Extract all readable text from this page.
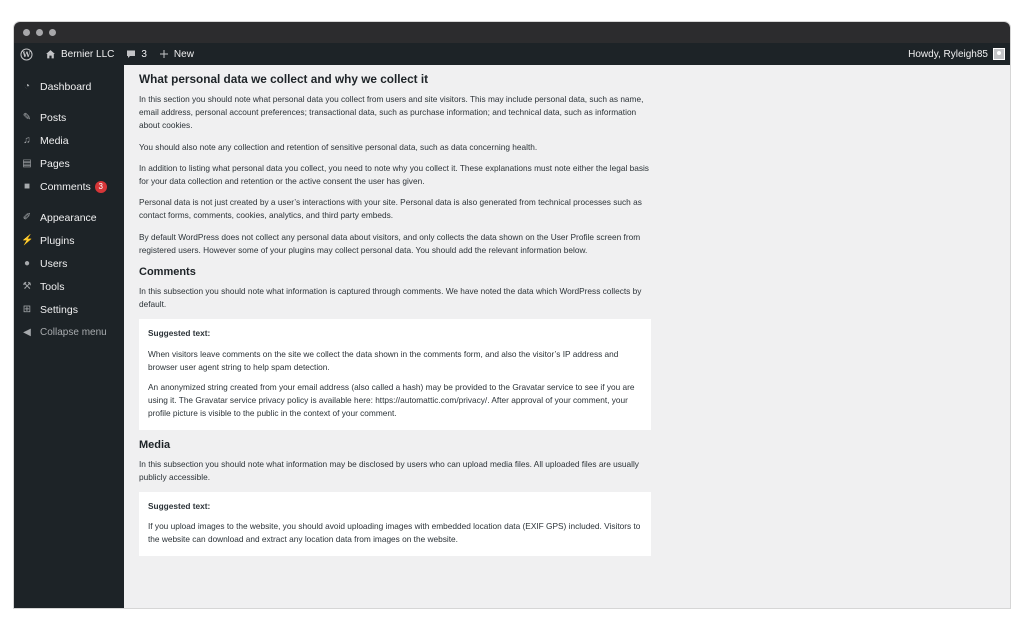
W	Bernier LLC	3	New	Howdy, Ryleigh85
◔ Dashboard
✎ Posts
♫ Media
▤ Pages
■ Comments 3
✐ Appearance
⚡ Plugins
● Users
⚒ Tools
⊞ Settings
◀ Collapse menu
What personal data we collect and why we collect it

In this section you should note what personal data you collect from users and site visitors. This may include personal data, such as name, email address, personal account preferences; transactional data, such as purchase information; and technical data, such as information about cookies.

You should also note any collection and retention of sensitive personal data, such as data concerning health.

In addition to listing what personal data you collect, you need to note why you collect it. These explanations must note either the legal basis for your data collection and retention or the active consent the user has given.

Personal data is not just created by a user’s interactions with your site. Personal data is also generated from technical processes such as contact forms, comments, cookies, analytics, and third party embeds.

By default WordPress does not collect any personal data about visitors, and only collects the data shown on the User Profile screen from registered users. However some of your plugins may collect personal data. You should add the relevant information below.

Comments

In this subsection you should note what information is captured through comments. We have noted the data which WordPress collects by default.

Suggested text:

When visitors leave comments on the site we collect the data shown in the comments form, and also the visitor’s IP address and browser user agent string to help spam detection.

An anonymized string created from your email address (also called a hash) may be provided to the Gravatar service to see if you are using it. The Gravatar service privacy policy is available here: https://automattic.com/privacy/. After approval of your comment, your profile picture is visible to the public in the context of your comment.

Media

In this subsection you should note what information may be disclosed by users who can upload media files. All uploaded files are usually publicly accessible.

Suggested text:

If you upload images to the website, you should avoid uploading images with embedded location data (EXIF GPS) included. Visitors to the website can download and extract any location data from images on the website.
